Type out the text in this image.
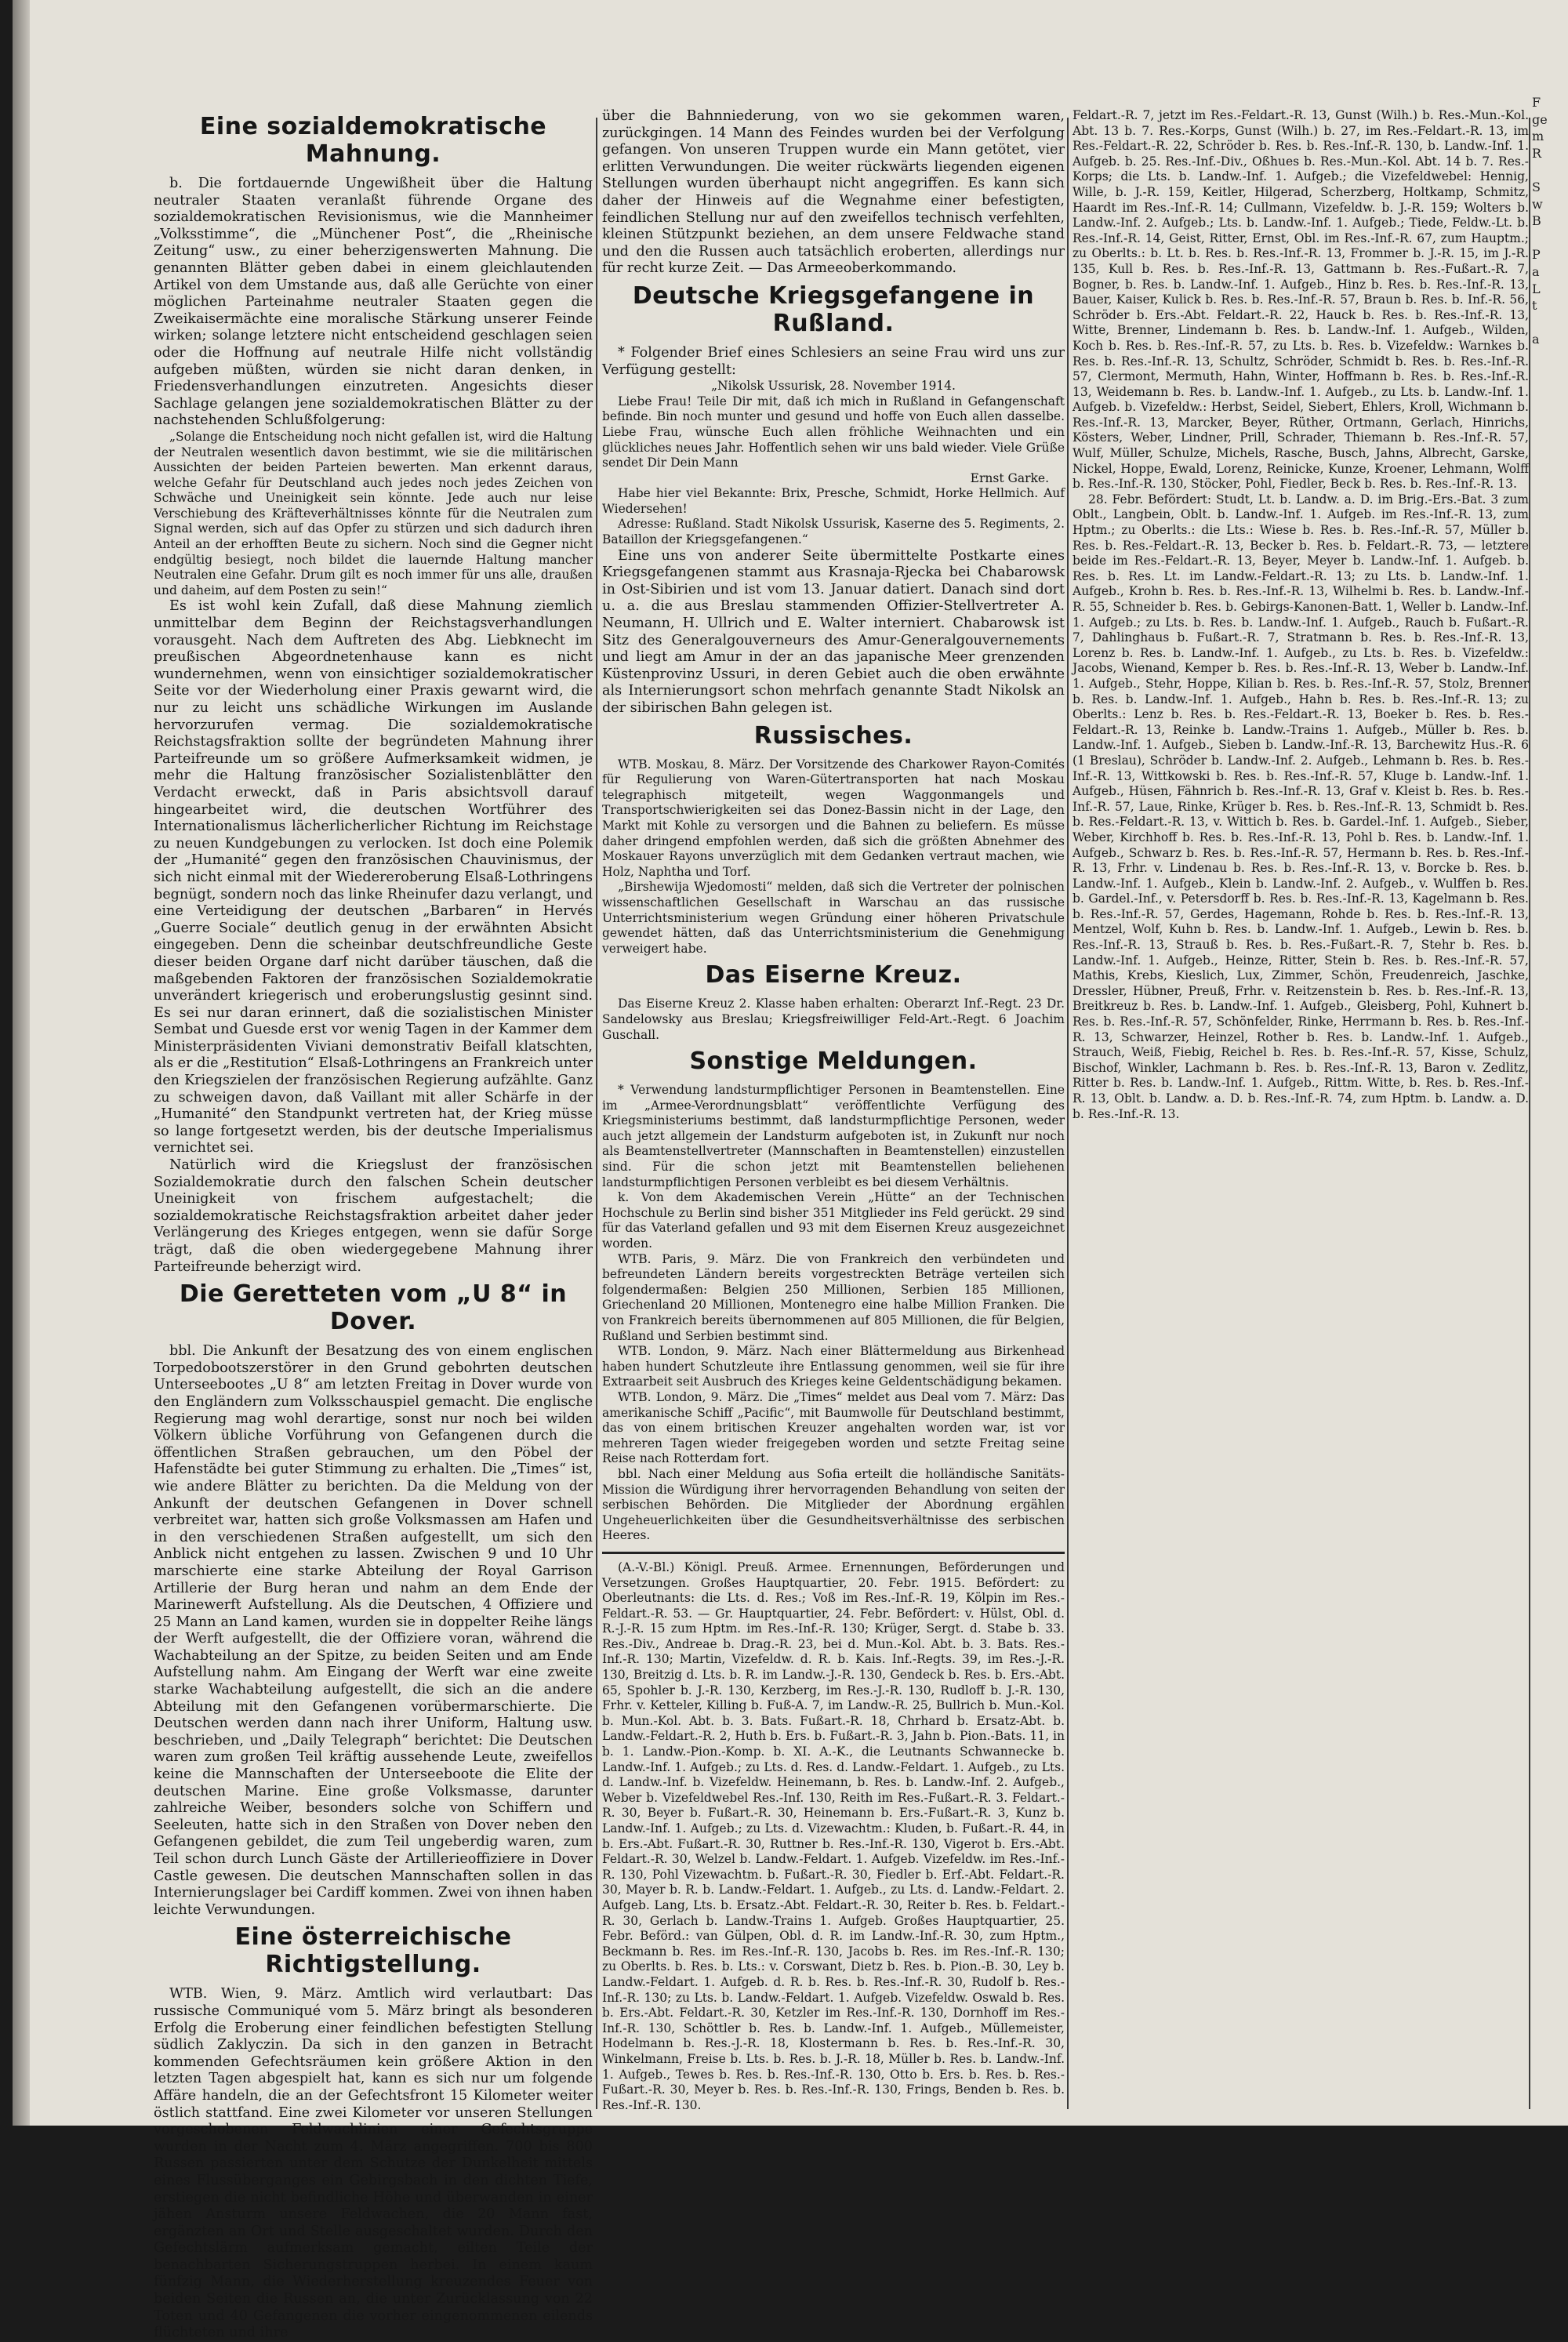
Eine sozialdemokratische Mahnung.

b. Die fortdauernde Ungewißheit über die Haltung neutraler Staaten veranlaßt führende Organe des sozialdemokratischen Revisionismus, wie die Mannheimer „Volksstimme“, die „Münchener Post“, die „Rheinische Zeitung“ usw., zu einer beherzigenswerten Mahnung. Die genannten Blätter geben dabei in einem gleichlautenden Artikel von dem Umstande aus, daß alle Gerüchte von einer möglichen Parteinahme neutraler Staaten gegen die Zweikaisermächte eine moralische Stärkung unserer Feinde wirken; solange letztere nicht entscheidend geschlagen seien oder die Hoffnung auf neutrale Hilfe nicht vollständig aufgeben müßten, würden sie nicht daran denken, in Friedensverhandlungen einzutreten. Angesichts dieser Sachlage gelangen jene sozialdemokratischen Blätter zu der nachstehenden Schlußfolgerung:

„Solange die Entscheidung noch nicht gefallen ist, wird die Haltung der Neutralen wesentlich davon bestimmt, wie sie die militärischen Aussichten der beiden Parteien bewerten. Man erkennt daraus, welche Gefahr für Deutschland auch jedes noch jedes Zeichen von Schwäche und Uneinigkeit sein könnte. Jede auch nur leise Verschiebung des Kräfteverhältnisses könnte für die Neutralen zum Signal werden, sich auf das Opfer zu stürzen und sich dadurch ihren Anteil an der erhofften Beute zu sichern. Noch sind die Gegner nicht endgültig besiegt, noch bildet die lauernde Haltung mancher Neutralen eine Gefahr. Drum gilt es noch immer für uns alle, draußen und daheim, auf dem Posten zu sein!“

Es ist wohl kein Zufall, daß diese Mahnung ziemlich unmittelbar dem Beginn der Reichstagsverhandlungen vorausgeht. Nach dem Auftreten des Abg. Liebknecht im preußischen Abgeordnetenhause kann es nicht wundernehmen, wenn von einsichtiger sozialdemokratischer Seite vor der Wiederholung einer Praxis gewarnt wird, die nur zu leicht uns schädliche Wirkungen im Auslande hervorzurufen vermag. Die sozialdemokratische Reichstagsfraktion sollte der begründeten Mahnung ihrer Parteifreunde um so größere Aufmerksamkeit widmen, je mehr die Haltung französischer Sozialistenblätter den Verdacht erweckt, daß in Paris absichtsvoll darauf hingearbeitet wird, die deutschen Wortführer des Internationalismus lächerlicherlicher Richtung im Reichstage zu neuen Kundgebungen zu verlocken. Ist doch eine Polemik der „Humanité“ gegen den französischen Chauvinismus, der sich nicht einmal mit der Wiedereroberung Elsaß-Lothringens begnügt, sondern noch das linke Rheinufer dazu verlangt, und eine Verteidigung der deutschen „Barbaren“ in Hervés „Guerre Sociale“ deutlich genug in der erwähnten Absicht eingegeben. Denn die scheinbar deutschfreundliche Geste dieser beiden Organe darf nicht darüber täuschen, daß die maßgebenden Faktoren der französischen Sozialdemokratie unverändert kriegerisch und eroberungslustig gesinnt sind. Es sei nur daran erinnert, daß die sozialistischen Minister Sembat und Guesde erst vor wenig Tagen in der Kammer dem Ministerpräsidenten Viviani demonstrativ Beifall klatschten, als er die „Restitution“ Elsaß-Lothringens an Frankreich unter den Kriegszielen der französischen Regierung aufzählte. Ganz zu schweigen davon, daß Vaillant mit aller Schärfe in der „Humanité“ den Standpunkt vertreten hat, der Krieg müsse so lange fortgesetzt werden, bis der deutsche Imperialismus vernichtet sei.

Natürlich wird die Kriegslust der französischen Sozialdemokratie durch den falschen Schein deutscher Uneinigkeit von frischem aufgestachelt; die sozialdemokratische Reichstagsfraktion arbeitet daher jeder Verlängerung des Krieges entgegen, wenn sie dafür Sorge trägt, daß die oben wiedergegebene Mahnung ihrer Parteifreunde beherzigt wird.

Die Geretteten vom „U 8“ in Dover.

bbl. Die Ankunft der Besatzung des von einem englischen Torpedobootszerstörer in den Grund gebohrten deutschen Unterseebootes „U 8“ am letzten Freitag in Dover wurde von den Engländern zum Volksschauspiel gemacht. Die englische Regierung mag wohl derartige, sonst nur noch bei wilden Völkern übliche Vorführung von Gefangenen durch die öffentlichen Straßen gebrauchen, um den Pöbel der Hafenstädte bei guter Stimmung zu erhalten. Die „Times“ ist, wie andere Blätter zu berichten. Da die Meldung von der Ankunft der deutschen Gefangenen in Dover schnell verbreitet war, hatten sich große Volksmassen am Hafen und in den verschiedenen Straßen aufgestellt, um sich den Anblick nicht entgehen zu lassen. Zwischen 9 und 10 Uhr marschierte eine starke Abteilung der Royal Garrison Artillerie der Burg heran und nahm an dem Ende der Marinewerft Aufstellung. Als die Deutschen, 4 Offiziere und 25 Mann an Land kamen, wurden sie in doppelter Reihe längs der Werft aufgestellt, die der Offiziere voran, während die Wachabteilung an der Spitze, zu beiden Seiten und am Ende Aufstellung nahm. Am Eingang der Werft war eine zweite starke Wachabteilung aufgestellt, die sich an die andere Abteilung mit den Gefangenen vorübermarschierte. Die Deutschen werden dann nach ihrer Uniform, Haltung usw. beschrieben, und „Daily Telegraph“ berichtet: Die Deutschen waren zum großen Teil kräftig aussehende Leute, zweifellos keine die Mannschaften der Unterseeboote die Elite der deutschen Marine. Eine große Volksmasse, darunter zahlreiche Weiber, besonders solche von Schiffern und Seeleuten, hatte sich in den Straßen von Dover neben den Gefangenen gebildet, die zum Teil ungeberdig waren, zum Teil schon durch Lunch Gäste der Artillerieoffiziere in Dover Castle gewesen. Die deutschen Mannschaften sollen in das Internierungslager bei Cardiff kommen. Zwei von ihnen haben leichte Verwundungen.

Eine österreichische Richtigstellung.

WTB. Wien, 9. März. Amtlich wird verlautbart: Das russische Communiqué vom 5. März bringt als besonderen Erfolg die Eroberung einer feindlichen befestigten Stellung südlich Zaklyczin. Da sich in den ganzen in Betracht kommenden Gefechtsräumen kein größere Aktion in den letzten Tagen abgespielt hat, kann es sich nur um folgende Affäre handeln, die an der Gefechtsfront 15 Kilometer weiter östlich stattfand. Eine zwei Kilometer vor unseren Stellungen vorgeschobenen Feldwachlinien einer Gefechtsgruppe wurden in der Nacht zum 4. März angegriffen. 700 bis 800 Russen passierten unter dem Schutze der Dunkelheit mittels eines Flussüberganges ein Gebirgsbach in den dichten Tiefe, erstiegen die nicht befindliche Höhe und überwanden in einer jähen Ansturm unsere Feldwachen, die 20 Mann fast, ergänzten an Ort und Stelle ausgeschaltet wurden. Durch den Gefechtslärm aufmerksam gemacht, eilten Teile der benachbarten Sicherungstruppen herbei. In einem kaum fünfzig Mann, die Wiederherstellung kreuzendes Feuer von beiden Seiten die Russen an, die unter Zurücklassung von 22 Toten und 40 Gefangenen die vorher eingenommenen eilends flüchteten und ihre

über die Bahnniederung, von wo sie gekommen waren, zurückgingen. 14 Mann des Feindes wurden bei der Verfolgung gefangen. Von unseren Truppen wurde ein Mann getötet, vier erlitten Verwundungen. Die weiter rückwärts liegenden eigenen Stellungen wurden überhaupt nicht angegriffen. Es kann sich daher der Hinweis auf die Wegnahme einer befestigten, feindlichen Stellung nur auf den zweifellos technisch verfehlten, kleinen Stützpunkt beziehen, an dem unsere Feldwache stand und den die Russen auch tatsächlich eroberten, allerdings nur für recht kurze Zeit. — Das Armeeoberkommando.

Deutsche Kriegsgefangene in Rußland.

* Folgender Brief eines Schlesiers an seine Frau wird uns zur Verfügung gestellt:

„Nikolsk Ussurisk, 28. November 1914.

Liebe Frau! Teile Dir mit, daß ich mich in Rußland in Gefangenschaft befinde. Bin noch munter und gesund und hoffe von Euch allen dasselbe. Liebe Frau, wünsche Euch allen fröhliche Weihnachten und ein glückliches neues Jahr. Hoffentlich sehen wir uns bald wieder. Viele Grüße sendet Dir Dein Mann

Ernst Garke.

Habe hier viel Bekannte: Brix, Presche, Schmidt, Horke Hellmich. Auf Wiedersehen!

Adresse: Rußland. Stadt Nikolsk Ussurisk, Kaserne des 5. Regiments, 2. Bataillon der Kriegsgefangenen.“

Eine uns von anderer Seite übermittelte Postkarte eines Kriegsgefangenen stammt aus Krasnaja-Rjecka bei Chabarowsk in Ost-Sibirien und ist vom 13. Januar datiert. Danach sind dort u. a. die aus Breslau stammenden Offizier-Stellvertreter A. Neumann, H. Ullrich und E. Walter interniert. Chabarowsk ist Sitz des Generalgouverneurs des Amur-Generalgouvernements und liegt am Amur in der an das japanische Meer grenzenden Küstenprovinz Ussuri, in deren Gebiet auch die oben erwähnte als Internierungsort schon mehrfach genannte Stadt Nikolsk an der sibirischen Bahn gelegen ist.

Russisches.

WTB. Moskau, 8. März. Der Vorsitzende des Charkower Rayon-Comités für Regulierung von Waren-Gütertransporten hat nach Moskau telegraphisch mitgeteilt, wegen Waggonmangels und Transportschwierigkeiten sei das Donez-Bassin nicht in der Lage, den Markt mit Kohle zu versorgen und die Bahnen zu beliefern. Es müsse daher dringend empfohlen werden, daß sich die größten Abnehmer des Moskauer Rayons unverzüglich mit dem Gedanken vertraut machen, wie Holz, Naphtha und Torf.

„Birshewija Wjedomosti“ melden, daß sich die Vertreter der polnischen wissenschaftlichen Gesellschaft in Warschau an das russische Unterrichtsministerium wegen Gründung einer höheren Privatschule gewendet hätten, daß das Unterrichtsministerium die Genehmigung verweigert habe.

Das Eiserne Kreuz.

Das Eiserne Kreuz 2. Klasse haben erhalten: Oberarzt Inf.-Regt. 23 Dr. Sandelowsky aus Breslau; Kriegsfreiwilliger Feld-Art.-Regt. 6 Joachim Guschall.

Sonstige Meldungen.

* Verwendung landsturmpflichtiger Personen in Beamtenstellen. Eine im „Armee-Verordnungsblatt“ veröffentlichte Verfügung des Kriegsministeriums bestimmt, daß landsturmpflichtige Personen, weder auch jetzt allgemein der Landsturm aufgeboten ist, in Zukunft nur noch als Beamtenstellvertreter (Mannschaften in Beamtenstellen) einzustellen sind. Für die schon jetzt mit Beamtenstellen beliehenen landsturmpflichtigen Personen verbleibt es bei diesem Verhältnis.

k. Von dem Akademischen Verein „Hütte“ an der Technischen Hochschule zu Berlin sind bisher 351 Mitglieder ins Feld gerückt. 29 sind für das Vaterland gefallen und 93 mit dem Eisernen Kreuz ausgezeichnet worden.

WTB. Paris, 9. März. Die von Frankreich den verbündeten und befreundeten Ländern bereits vorgestreckten Beträge verteilen sich folgendermaßen: Belgien 250 Millionen, Serbien 185 Millionen, Griechenland 20 Millionen, Montenegro eine halbe Million Franken. Die von Frankreich bereits übernommenen auf 805 Millionen, die für Belgien, Rußland und Serbien bestimmt sind.

WTB. London, 9. März. Nach einer Blättermeldung aus Birkenhead haben hundert Schutzleute ihre Entlassung genommen, weil sie für ihre Extraarbeit seit Ausbruch des Krieges keine Geldentschädigung bekamen.

WTB. London, 9. März. Die „Times“ meldet aus Deal vom 7. März: Das amerikanische Schiff „Pacific“, mit Baumwolle für Deutschland bestimmt, das von einem britischen Kreuzer angehalten worden war, ist vor mehreren Tagen wieder freigegeben worden und setzte Freitag seine Reise nach Rotterdam fort.

bbl. Nach einer Meldung aus Sofia erteilt die holländische Sanitäts-Mission die Würdigung ihrer hervorragenden Behandlung von seiten der serbischen Behörden. Die Mitglieder der Abordnung ergählen Ungeheuerlichkeiten über die Gesundheitsverhältnisse des serbischen Heeres.

(A.-V.-Bl.) Königl. Preuß. Armee. Ernennungen, Beförderungen und Versetzungen. Großes Hauptquartier, 20. Febr. 1915. Befördert: zu Oberleutnants: die Lts. d. Res.; Voß im Res.-Inf.-R. 19, Kölpin im Res.-Feldart.-R. 53. — Gr. Hauptquartier, 24. Febr. Befördert: v. Hülst, Obl. d. R.-J.-R. 15 zum Hptm. im Res.-Inf.-R. 130; Krüger, Sergt. d. Stabe b. 33. Res.-Div., Andreae b. Drag.-R. 23, bei d. Mun.-Kol. Abt. b. 3. Bats. Res.-Inf.-R. 130; Martin, Vizefeldw. d. R. b. Kais. Inf.-Regts. 39, im Res.-J.-R. 130, Breitzig d. Lts. b. R. im Landw.-J.-R. 130, Gendeck b. Res. b. Ers.-Abt. 65, Spohler b. J.-R. 130, Kerzberg, im Res.-J.-R. 130, Rudloff b. J.-R. 130, Frhr. v. Ketteler, Killing b. Fuß-A. 7, im Landw.-R. 25, Bullrich b. Mun.-Kol. b. Mun.-Kol. Abt. b. 3. Bats. Fußart.-R. 18, Chrhard b. Ersatz-Abt. b. Landw.-Feldart.-R. 2, Huth b. Ers. b. Fußart.-R. 3, Jahn b. Pion.-Bats. 11, in b. 1. Landw.-Pion.-Komp. b. XI. A.-K., die Leutnants Schwannecke b. Landw.-Inf. 1. Aufgeb.; zu Lts. d. Res. d. Landw.-Feldart. 1. Aufgeb., zu Lts. d. Landw.-Inf. b. Vizefeldw. Heinemann, b. Res. b. Landw.-Inf. 2. Aufgeb., Weber b. Vizefeldwebel Res.-Inf. 130, Reith im Res.-Fußart.-R. 3. Feldart.-R. 30, Beyer b. Fußart.-R. 30, Heinemann b. Ers.-Fußart.-R. 3, Kunz b. Landw.-Inf. 1. Aufgeb.; zu Lts. d. Vizewachtm.: Kluden, b. Fußart.-R. 44, in b. Ers.-Abt. Fußart.-R. 30, Ruttner b. Res.-Inf.-R. 130, Vigerot b. Ers.-Abt. Feldart.-R. 30, Welzel b. Landw.-Feldart. 1. Aufgeb. Vizefeldw. im Res.-Inf.-R. 130, Pohl Vizewachtm. b. Fußart.-R. 30, Fiedler b. Erf.-Abt. Feldart.-R. 30, Mayer b. R. b. Landw.-Feldart. 1. Aufgeb., zu Lts. d. Landw.-Feldart. 2. Aufgeb. Lang, Lts. b. Ersatz.-Abt. Feldart.-R. 30, Reiter b. Res. b. Feldart.-R. 30, Gerlach b. Landw.-Trains 1. Aufgeb. Großes Hauptquartier, 25. Febr. Beförd.: van Gülpen, Obl. d. R. im Landw.-Inf.-R. 30, zum Hptm., Beckmann b. Res. im Res.-Inf.-R. 130, Jacobs b. Res. im Res.-Inf.-R. 130; zu Oberlts. b. Res. b. Lts.: v. Corswant, Dietz b. Res. b. Pion.-B. 30, Ley b. Landw.-Feldart. 1. Aufgeb. d. R. b. Res. b. Res.-Inf.-R. 30, Rudolf b. Res.-Inf.-R. 130; zu Lts. b. Landw.-Feldart. 1. Aufgeb. Vizefeldw. Oswald b. Res. b. Ers.-Abt. Feldart.-R. 30, Ketzler im Res.-Inf.-R. 130, Dornhoff im Res.-Inf.-R. 130, Schöttler b. Res. b. Landw.-Inf. 1. Aufgeb., Müllemeister, Hodelmann b. Res.-J.-R. 18, Klostermann b. Res. b. Res.-Inf.-R. 30, Winkelmann, Freise b. Lts. b. Res. b. J.-R. 18, Müller b. Res. b. Landw.-Inf. 1. Aufgeb., Tewes b. Res. b. Res.-Inf.-R. 130, Otto b. Ers. b. Res. b. Res.-Fußart.-R. 30, Meyer b. Res. b. Res.-Inf.-R. 130, Frings, Benden b. Res. b. Res.-Inf.-R. 130.

Feldart.-R. 7, jetzt im Res.-Feldart.-R. 13, Gunst (Wilh.) b. Res.-Mun.-Kol. Abt. 13 b. 7. Res.-Korps, Gunst (Wilh.) b. 27, im Res.-Feldart.-R. 13, im Res.-Feldart.-R. 22, Schröder b. Res. b. Res.-Inf.-R. 130, b. Landw.-Inf. 1. Aufgeb. b. 25. Res.-Inf.-Div., Oßhues b. Res.-Mun.-Kol. Abt. 14 b. 7. Res.-Korps; die Lts. b. Landw.-Inf. 1. Aufgeb.; die Vizefeldwebel: Hennig, Wille, b. J.-R. 159, Keitler, Hilgerad, Scherzberg, Holtkamp, Schmitz, Haardt im Res.-Inf.-R. 14; Cullmann, Vizefeldw. b. J.-R. 159; Wolters b. Landw.-Inf. 2. Aufgeb.; Lts. b. Landw.-Inf. 1. Aufgeb.; Tiede, Feldw.-Lt. b. Res.-Inf.-R. 14, Geist, Ritter, Ernst, Obl. im Res.-Inf.-R. 67, zum Hauptm.; zu Oberlts.: b. Lt. b. Res. b. Res.-Inf.-R. 13, Frommer b. J.-R. 15, im J.-R. 135, Kull b. Res. b. Res.-Inf.-R. 13, Gattmann b. Res.-Fußart.-R. 7, Bogner, b. Res. b. Landw.-Inf. 1. Aufgeb., Hinz b. Res. b. Res.-Inf.-R. 13, Bauer, Kaiser, Kulick b. Res. b. Res.-Inf.-R. 57, Braun b. Res. b. Inf.-R. 56, Schröder b. Ers.-Abt. Feldart.-R. 22, Hauck b. Res. b. Res.-Inf.-R. 13, Witte, Brenner, Lindemann b. Res. b. Landw.-Inf. 1. Aufgeb., Wilden, Koch b. Res. b. Res.-Inf.-R. 57, zu Lts. b. Res. b. Vizefeldw.: Warnkes b. Res. b. Res.-Inf.-R. 13, Schultz, Schröder, Schmidt b. Res. b. Res.-Inf.-R. 57, Clermont, Mermuth, Hahn, Winter, Hoffmann b. Res. b. Res.-Inf.-R. 13, Weidemann b. Res. b. Landw.-Inf. 1. Aufgeb., zu Lts. b. Landw.-Inf. 1. Aufgeb. b. Vizefeldw.: Herbst, Seidel, Siebert, Ehlers, Kroll, Wichmann b. Res.-Inf.-R. 13, Marcker, Beyer, Rüther, Ortmann, Gerlach, Hinrichs, Kösters, Weber, Lindner, Prill, Schrader, Thiemann b. Res.-Inf.-R. 57, Wulf, Müller, Schulze, Michels, Rasche, Busch, Jahns, Albrecht, Garske, Nickel, Hoppe, Ewald, Lorenz, Reinicke, Kunze, Kroener, Lehmann, Wolff b. Res.-Inf.-R. 130, Stöcker, Pohl, Fiedler, Beck b. Res. b. Res.-Inf.-R. 13.

28. Febr. Befördert: Studt, Lt. b. Landw. a. D. im Brig.-Ers.-Bat. 3 zum Oblt., Langbein, Oblt. b. Landw.-Inf. 1. Aufgeb. im Res.-Inf.-R. 13, zum Hptm.; zu Oberlts.: die Lts.: Wiese b. Res. b. Res.-Inf.-R. 57, Müller b. Res. b. Res.-Feldart.-R. 13, Becker b. Res. b. Feldart.-R. 73, — letztere beide im Res.-Feldart.-R. 13, Beyer, Meyer b. Landw.-Inf. 1. Aufgeb. b. Res. b. Res. Lt. im Landw.-Feldart.-R. 13; zu Lts. b. Landw.-Inf. 1. Aufgeb., Krohn b. Res. b. Res.-Inf.-R. 13, Wilhelmi b. Res. b. Landw.-Inf.-R. 55, Schneider b. Res. b. Gebirgs-Kanonen-Batt. 1, Weller b. Landw.-Inf. 1. Aufgeb.; zu Lts. b. Res. b. Landw.-Inf. 1. Aufgeb., Rauch b. Fußart.-R. 7, Dahlinghaus b. Fußart.-R. 7, Stratmann b. Res. b. Res.-Inf.-R. 13, Lorenz b. Res. b. Landw.-Inf. 1. Aufgeb., zu Lts. b. Res. b. Vizefeldw.: Jacobs, Wienand, Kemper b. Res. b. Res.-Inf.-R. 13, Weber b. Landw.-Inf. 1. Aufgeb., Stehr, Hoppe, Kilian b. Res. b. Res.-Inf.-R. 57, Stolz, Brenner b. Res. b. Landw.-Inf. 1. Aufgeb., Hahn b. Res. b. Res.-Inf.-R. 13; zu Oberlts.: Lenz b. Res. b. Res.-Feldart.-R. 13, Boeker b. Res. b. Res.-Feldart.-R. 13, Reinke b. Landw.-Trains 1. Aufgeb., Müller b. Res. b. Landw.-Inf. 1. Aufgeb., Sieben b. Landw.-Inf.-R. 13, Barchewitz Hus.-R. 6 (1 Breslau), Schröder b. Landw.-Inf. 2. Aufgeb., Lehmann b. Res. b. Res.-Inf.-R. 13, Wittkowski b. Res. b. Res.-Inf.-R. 57, Kluge b. Landw.-Inf. 1. Aufgeb., Hüsen, Fähnrich b. Res.-Inf.-R. 13, Graf v. Kleist b. Res. b. Res.-Inf.-R. 57, Laue, Rinke, Krüger b. Res. b. Res.-Inf.-R. 13, Schmidt b. Res. b. Res.-Feldart.-R. 13, v. Wittich b. Res. b. Gardel.-Inf. 1. Aufgeb., Sieber, Weber, Kirchhoff b. Res. b. Res.-Inf.-R. 13, Pohl b. Res. b. Landw.-Inf. 1. Aufgeb., Schwarz b. Res. b. Res.-Inf.-R. 57, Hermann b. Res. b. Res.-Inf.-R. 13, Frhr. v. Lindenau b. Res. b. Res.-Inf.-R. 13, v. Borcke b. Res. b. Landw.-Inf. 1. Aufgeb., Klein b. Landw.-Inf. 2. Aufgeb., v. Wulffen b. Res. b. Gardel.-Inf., v. Petersdorff b. Res. b. Res.-Inf.-R. 13, Kagelmann b. Res. b. Res.-Inf.-R. 57, Gerdes, Hagemann, Rohde b. Res. b. Res.-Inf.-R. 13, Mentzel, Wolf, Kuhn b. Res. b. Landw.-Inf. 1. Aufgeb., Lewin b. Res. b. Res.-Inf.-R. 13, Strauß b. Res. b. Res.-Fußart.-R. 7, Stehr b. Res. b. Landw.-Inf. 1. Aufgeb., Heinze, Ritter, Stein b. Res. b. Res.-Inf.-R. 57, Mathis, Krebs, Kieslich, Lux, Zimmer, Schön, Freudenreich, Jaschke, Dressler, Hübner, Preuß, Frhr. v. Reitzenstein b. Res. b. Res.-Inf.-R. 13, Breitkreuz b. Res. b. Landw.-Inf. 1. Aufgeb., Gleisberg, Pohl, Kuhnert b. Res. b. Res.-Inf.-R. 57, Schönfelder, Rinke, Herrmann b. Res. b. Res.-Inf.-R. 13, Schwarzer, Heinzel, Rother b. Res. b. Landw.-Inf. 1. Aufgeb., Strauch, Weiß, Fiebig, Reichel b. Res. b. Res.-Inf.-R. 57, Kisse, Schulz, Bischof, Winkler, Lachmann b. Res. b. Res.-Inf.-R. 13, Baron v. Zedlitz, Ritter b. Res. b. Landw.-Inf. 1. Aufgeb., Rittm. Witte, b. Res. b. Res.-Inf.-R. 13, Oblt. b. Landw. a. D. b. Res.-Inf.-R. 74, zum Hptm. b. Landw. a. D. b. Res.-Inf.-R. 13.

F
ge
m
R

S
w
B

P
a
L
t

a
